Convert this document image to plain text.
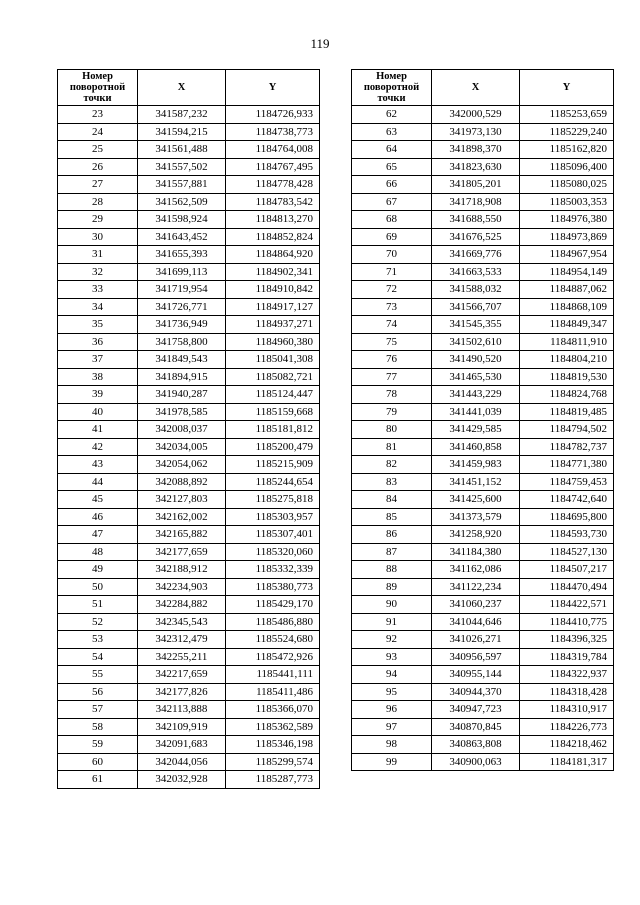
119
Номер поворотной точки	X	Y
23	341587,232	1184726,933
24	341594,215	1184738,773
25	341561,488	1184764,008
26	341557,502	1184767,495
27	341557,881	1184778,428
28	341562,509	1184783,542
29	341598,924	1184813,270
30	341643,452	1184852,824
31	341655,393	1184864,920
32	341699,113	1184902,341
33	341719,954	1184910,842
34	341726,771	1184917,127
35	341736,949	1184937,271
36	341758,800	1184960,380
37	341849,543	1185041,308
38	341894,915	1185082,721
39	341940,287	1185124,447
40	341978,585	1185159,668
41	342008,037	1185181,812
42	342034,005	1185200,479
43	342054,062	1185215,909
44	342088,892	1185244,654
45	342127,803	1185275,818
46	342162,002	1185303,957
47	342165,882	1185307,401
48	342177,659	1185320,060
49	342188,912	1185332,339
50	342234,903	1185380,773
51	342284,882	1185429,170
52	342345,543	1185486,880
53	342312,479	1185524,680
54	342255,211	1185472,926
55	342217,659	1185441,111
56	342177,826	1185411,486
57	342113,888	1185366,070
58	342109,919	1185362,589
59	342091,683	1185346,198
60	342044,056	1185299,574
61	342032,928	1185287,773
Номер поворотной точки	X	Y
62	342000,529	1185253,659
63	341973,130	1185229,240
64	341898,370	1185162,820
65	341823,630	1185096,400
66	341805,201	1185080,025
67	341718,908	1185003,353
68	341688,550	1184976,380
69	341676,525	1184973,869
70	341669,776	1184967,954
71	341663,533	1184954,149
72	341588,032	1184887,062
73	341566,707	1184868,109
74	341545,355	1184849,347
75	341502,610	1184811,910
76	341490,520	1184804,210
77	341465,530	1184819,530
78	341443,229	1184824,768
79	341441,039	1184819,485
80	341429,585	1184794,502
81	341460,858	1184782,737
82	341459,983	1184771,380
83	341451,152	1184759,453
84	341425,600	1184742,640
85	341373,579	1184695,800
86	341258,920	1184593,730
87	341184,380	1184527,130
88	341162,086	1184507,217
89	341122,234	1184470,494
90	341060,237	1184422,571
91	341044,646	1184410,775
92	341026,271	1184396,325
93	340956,597	1184319,784
94	340955,144	1184322,937
95	340944,370	1184318,428
96	340947,723	1184310,917
97	340870,845	1184226,773
98	340863,808	1184218,462
99	340900,063	1184181,317
